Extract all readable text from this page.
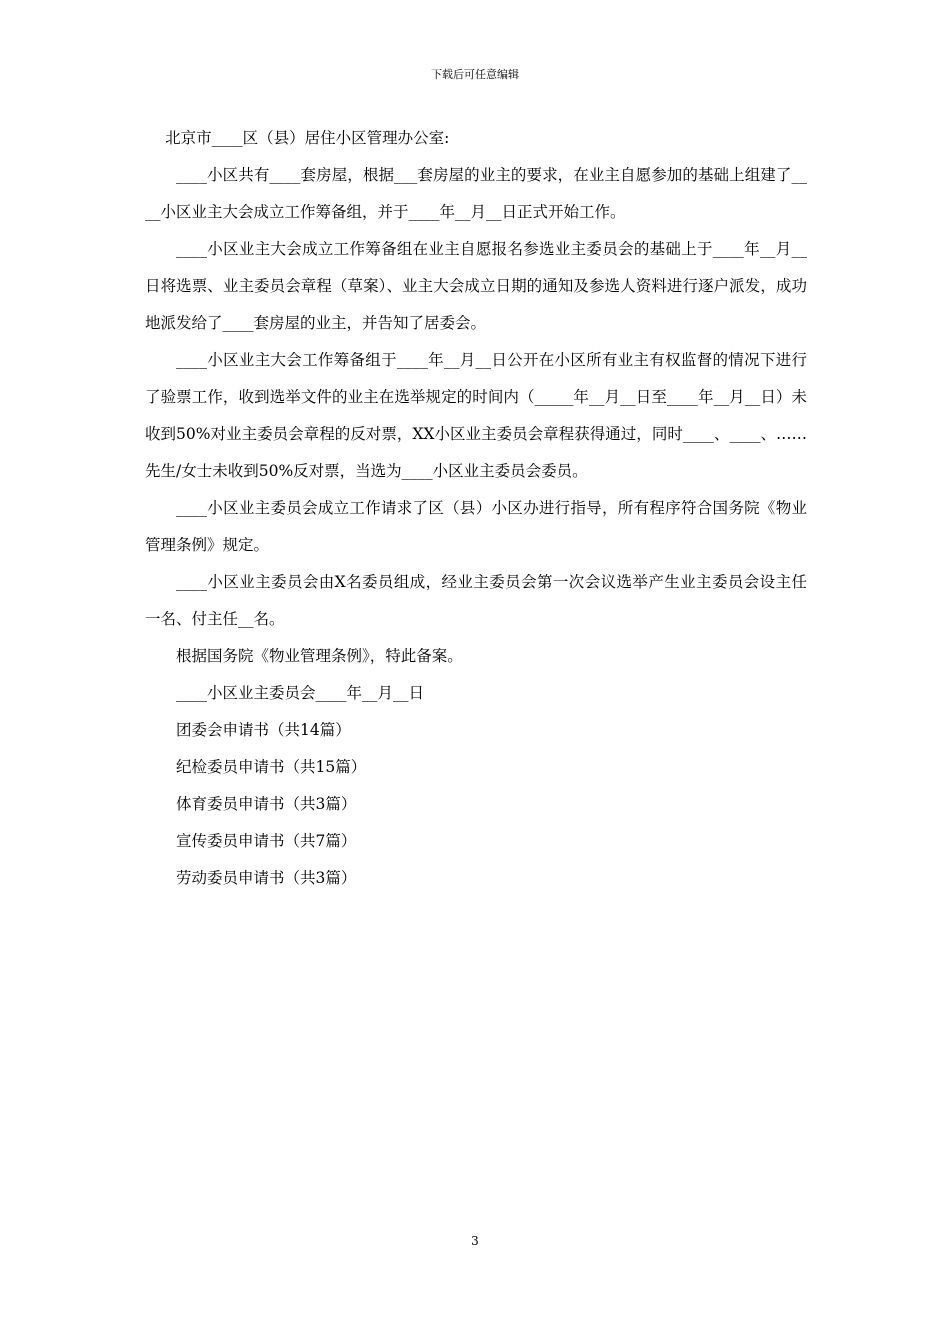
下载后可任意编辑

北京市____区（县）居住小区管理办公室:

____小区共有____套房屋，根据___套房屋的业主的要求，在业主自愿参加的基础上组建了____小区业主大会成立工作筹备组，并于____年__月__日正式开始工作。

____小区业主大会成立工作筹备组在业主自愿报名参选业主委员会的基础上于____年__月__日将选票、业主委员会章程（草案）、业主大会成立日期的通知及参选人资料进行逐户派发，成功地派发给了____套房屋的业主，并告知了居委会。

____小区业主大会工作筹备组于____年__月__日公开在小区所有业主有权监督的情况下进行了验票工作，收到选举文件的业主在选举规定的时间内（_____年__月__日至____年__月__日）未收到50%对业主委员会章程的反对票，XX小区业主委员会章程获得通过，同时____、____、……先生/女士未收到50%反对票，当选为____小区业主委员会委员。

____小区业主委员会成立工作请求了区（县）小区办进行指导，所有程序符合国务院《物业管理条例》规定。

____小区业主委员会由X名委员组成，经业主委员会第一次会议选举产生业主委员会设主任一名、付主任__名。

根据国务院《物业管理条例》，特此备案。

____小区业主委员会____年__月__日

团委会申请书（共14篇）

纪检委员申请书（共15篇）

体育委员申请书（共3篇）

宣传委员申请书（共7篇）

劳动委员申请书（共3篇）

3
